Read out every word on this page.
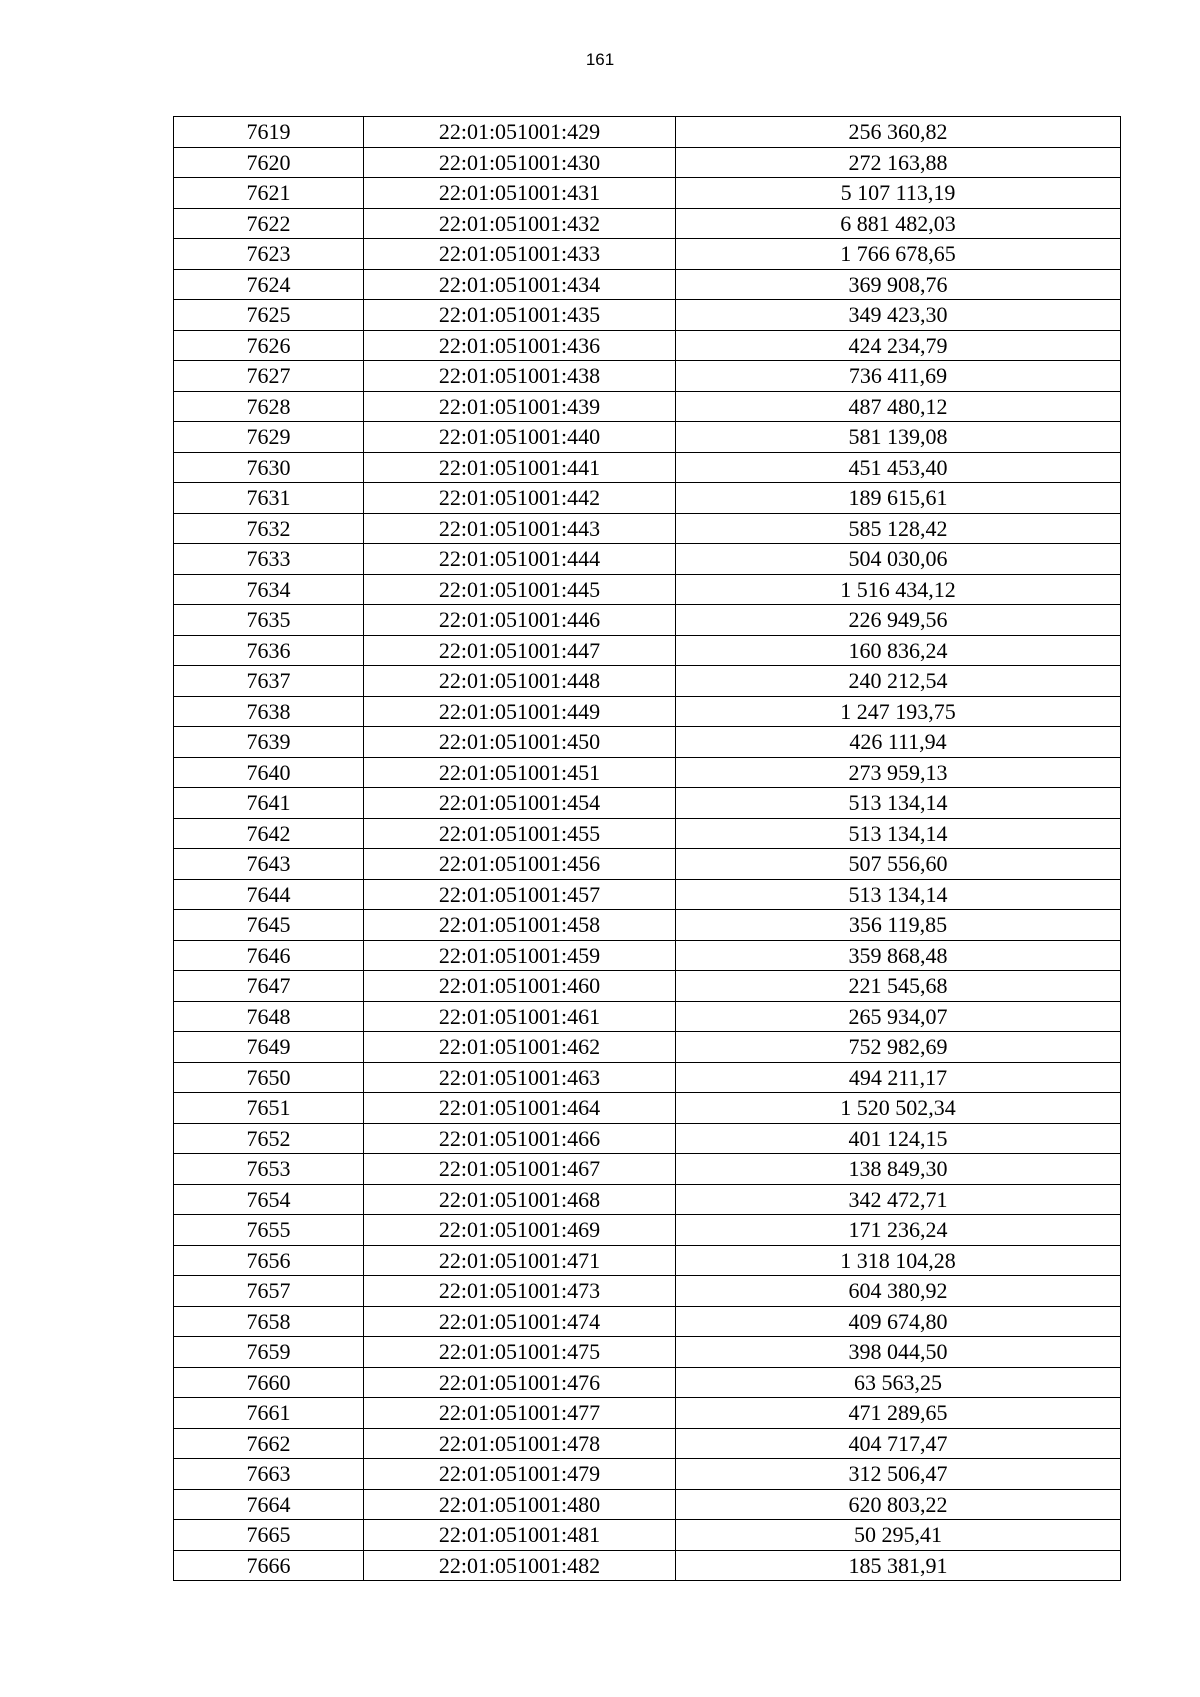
161
7619	22:01:051001:429	256 360,82
7620	22:01:051001:430	272 163,88
7621	22:01:051001:431	5 107 113,19
7622	22:01:051001:432	6 881 482,03
7623	22:01:051001:433	1 766 678,65
7624	22:01:051001:434	369 908,76
7625	22:01:051001:435	349 423,30
7626	22:01:051001:436	424 234,79
7627	22:01:051001:438	736 411,69
7628	22:01:051001:439	487 480,12
7629	22:01:051001:440	581 139,08
7630	22:01:051001:441	451 453,40
7631	22:01:051001:442	189 615,61
7632	22:01:051001:443	585 128,42
7633	22:01:051001:444	504 030,06
7634	22:01:051001:445	1 516 434,12
7635	22:01:051001:446	226 949,56
7636	22:01:051001:447	160 836,24
7637	22:01:051001:448	240 212,54
7638	22:01:051001:449	1 247 193,75
7639	22:01:051001:450	426 111,94
7640	22:01:051001:451	273 959,13
7641	22:01:051001:454	513 134,14
7642	22:01:051001:455	513 134,14
7643	22:01:051001:456	507 556,60
7644	22:01:051001:457	513 134,14
7645	22:01:051001:458	356 119,85
7646	22:01:051001:459	359 868,48
7647	22:01:051001:460	221 545,68
7648	22:01:051001:461	265 934,07
7649	22:01:051001:462	752 982,69
7650	22:01:051001:463	494 211,17
7651	22:01:051001:464	1 520 502,34
7652	22:01:051001:466	401 124,15
7653	22:01:051001:467	138 849,30
7654	22:01:051001:468	342 472,71
7655	22:01:051001:469	171 236,24
7656	22:01:051001:471	1 318 104,28
7657	22:01:051001:473	604 380,92
7658	22:01:051001:474	409 674,80
7659	22:01:051001:475	398 044,50
7660	22:01:051001:476	63 563,25
7661	22:01:051001:477	471 289,65
7662	22:01:051001:478	404 717,47
7663	22:01:051001:479	312 506,47
7664	22:01:051001:480	620 803,22
7665	22:01:051001:481	50 295,41
7666	22:01:051001:482	185 381,91
